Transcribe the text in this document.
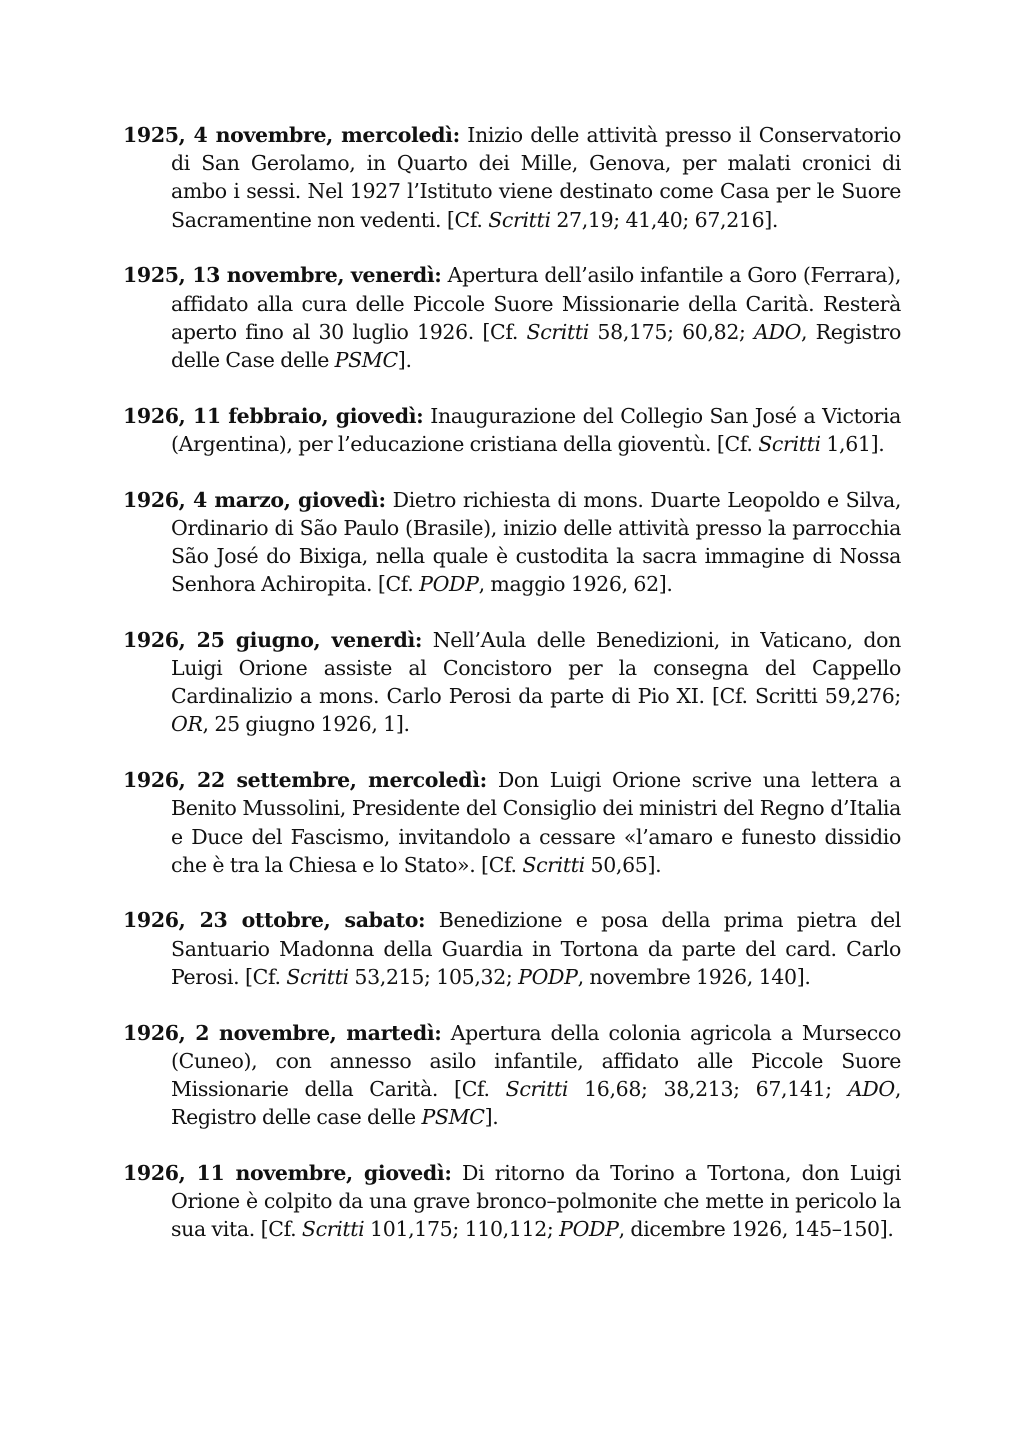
1925, 4 novembre, mercoledì: Inizio delle attività presso il Conservatorio di San Gerolamo, in Quarto dei Mille, Genova, per malati cronici di ambo i sessi. Nel 1927 l’Istituto viene destinato come Casa per le Suore Sacramentine non vedenti. [Cf. Scritti 27,19; 41,40; 67,216].

1925, 13 novembre, venerdì: Apertura dell’asilo infantile a Goro (Ferrara), affidato alla cura delle Piccole Suore Missionarie della Carità. Resterà aperto fino al 30 luglio 1926. [Cf. Scritti 58,175; 60,82; ADO, Registro delle Case delle PSMC].

1926, 11 febbraio, giovedì: Inaugurazione del Collegio San José a Victoria (Argentina), per l’educazione cristiana della gioventù. [Cf. Scritti 1,61].

1926, 4 marzo, giovedì: Dietro richiesta di mons. Duarte Leopoldo e Silva, Ordinario di São Paulo (Brasile), inizio delle attività presso la parrocchia São José do Bixiga, nella quale è custodita la sacra immagine di Nossa Senhora Achiropita. [Cf. PODP, maggio 1926, 62].

1926, 25 giugno, venerdì: Nell’Aula delle Benedizioni, in Vaticano, don Luigi Orione assiste al Concistoro per la consegna del Cappello Cardinalizio a mons. Carlo Perosi da parte di Pio XI. [Cf. Scritti 59,276; OR, 25 giugno 1926, 1].

1926, 22 settembre, mercoledì: Don Luigi Orione scrive una lettera a Benito Mussolini, Presidente del Consiglio dei ministri del Regno d’Italia e Duce del Fascismo, invitandolo a cessare «l’amaro e funesto dissidio che è tra la Chiesa e lo Stato». [Cf. Scritti 50,65].

1926, 23 ottobre, sabato: Benedizione e posa della prima pietra del Santuario Madonna della Guardia in Tortona da parte del card. Carlo Perosi. [Cf. Scritti 53,215; 105,32; PODP, novembre 1926, 140].

1926, 2 novembre, martedì: Apertura della colonia agricola a Mursecco (Cuneo), con annesso asilo infantile, affidato alle Piccole Suore Missionarie della Carità. [Cf. Scritti 16,68; 38,213; 67,141; ADO, Registro delle case delle PSMC].

1926, 11 novembre, giovedì: Di ritorno da Torino a Tortona, don Luigi Orione è colpito da una grave bronco–polmonite che mette in pericolo la sua vita. [Cf. Scritti 101,175; 110,112; PODP, dicembre 1926, 145–150].
